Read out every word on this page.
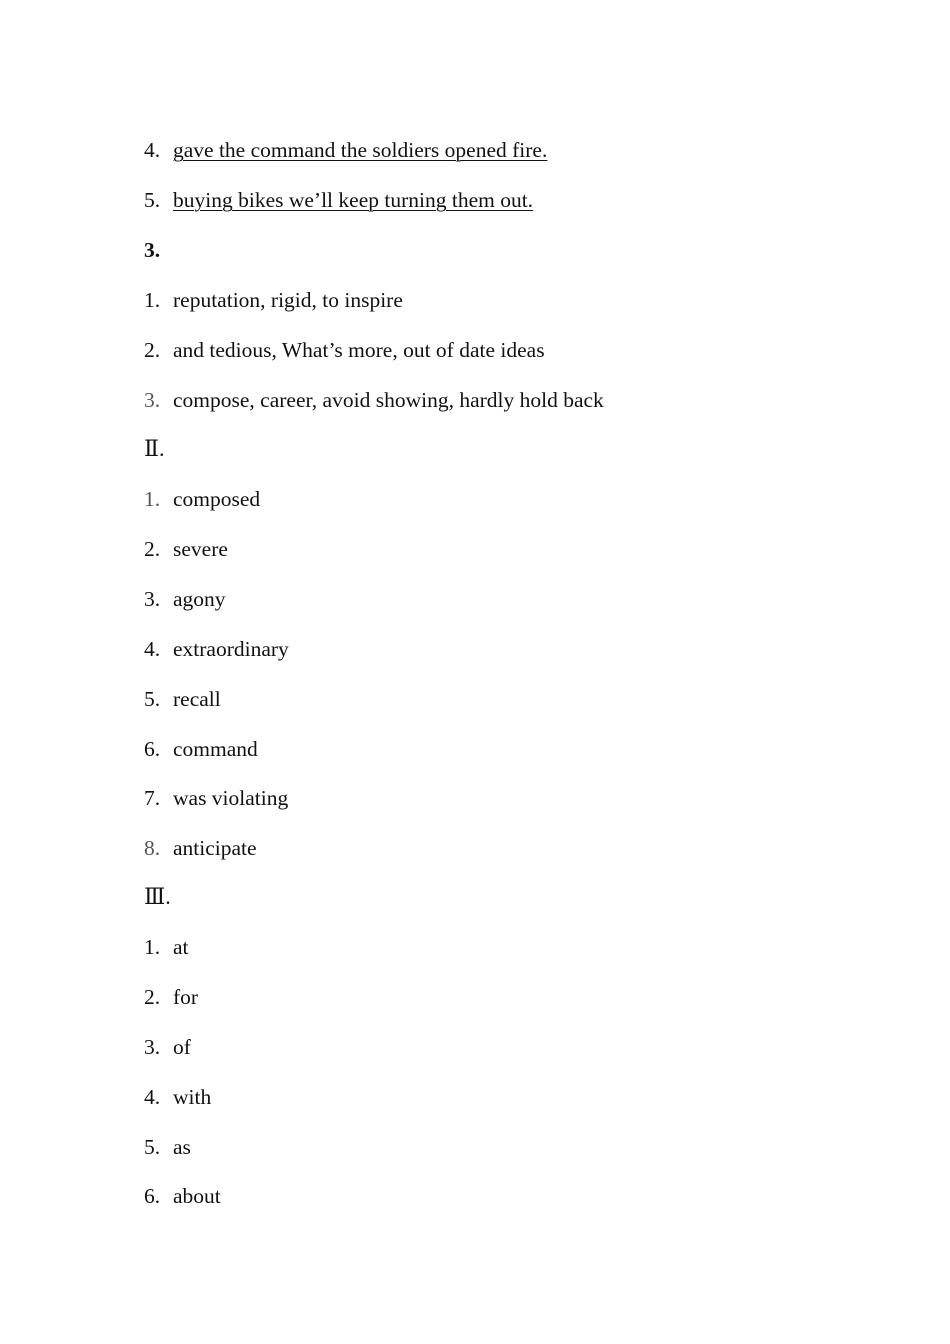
4. gave the command the soldiers opened fire.
5. buying bikes we’ll keep turning them out.
3.
1. reputation, rigid, to inspire
2. and tedious, What’s more, out of date ideas
3. compose, career, avoid showing, hardly hold back
Ⅱ.
1. composed
2. severe
3. agony
4. extraordinary
5. recall
6. command
7. was violating
8. anticipate
Ⅲ.
1. at
2. for
3. of
4. with
5. as
6. about
